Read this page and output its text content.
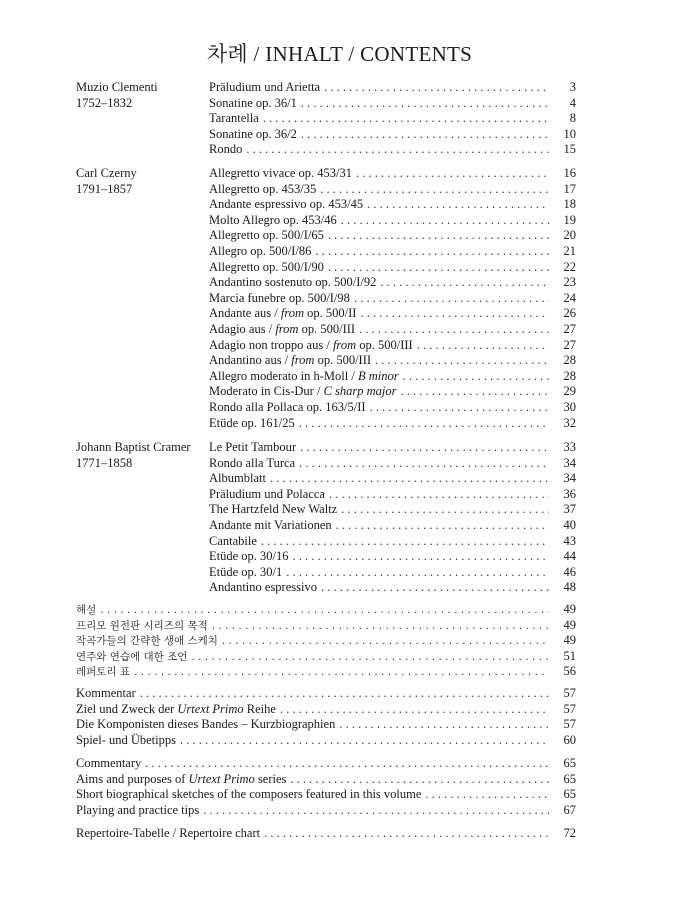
차례 / INHALT / CONTENTS
Muzio Clementi
1752–1832
Präludium und Arietta . . .	3
Sonatine op. 36/1 . . .	4
Tarantella . . .	8
Sonatine op. 36/2 . . .	10
Rondo . . .	15
Carl Czerny
1791–1857
Allegretto vivace op. 453/31 . . .	16
Allegretto op. 453/35 . . .	17
Andante espressivo op. 453/45 . . .	18
Molto Allegro op. 453/46 . . .	19
Allegretto op. 500/I/65 . . .	20
Allegro op. 500/I/86 . . .	21
Allegretto op. 500/I/90 . . .	22
Andantino sostenuto op. 500/I/92 . . .	23
Marcia funebre op. 500/I/98 . . .	24
Andante aus / from op. 500/II . . .	26
Adagio aus / from op. 500/III . . .	27
Adagio non troppo aus / from op. 500/III . . .	27
Andantino aus / from op. 500/III . . .	28
Allegro moderato in h-Moll / B minor . . .	28
Moderato in Cis-Dur / C sharp major . . .	29
Rondo alla Pollaca op. 163/5/II . . .	30
Etüde op. 161/25 . . .	32
Johann Baptist Cramer
1771–1858
Le Petit Tambour . . .	33
Rondo alla Turca . . .	34
Albumblatt . . .	34
Präludium und Polacca . . .	36
The Hartzfeld New Waltz . . .	37
Andante mit Variationen . . .	40
Cantabile . . .	43
Etüde op. 30/16 . . .	44
Etüde op. 30/1 . . .	46
Andantino espressivo . . .	48
해설 . . .	49
프리모 원전판 시리즈의 목적 . . .	49
작곡가들의 간략한 생애 스케치 . . .	49
연주와 연습에 대한 조언 . . .	51
레퍼토리 표 . . .	56
Kommentar . . .	57
Ziel und Zweck der Urtext Primo Reihe . . .	57
Die Komponisten dieses Bandes – Kurzbiographien . . .	57
Spiel- und Übetipps . . .	60
Commentary . . .	65
Aims and purposes of Urtext Primo series . . .	65
Short biographical sketches of the composers featured in this volume . . .	65
Playing and practice tips . . .	67
Repertoire-Tabelle / Repertoire chart . . .	72
